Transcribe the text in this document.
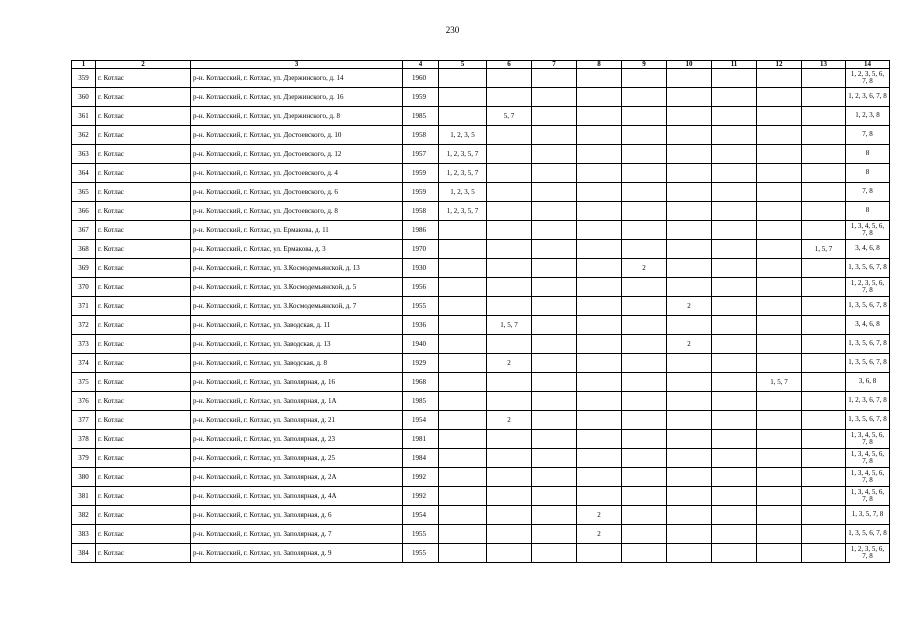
230
1	2	3	4	5	6	7	8	9	10	11	12	13	14
359	г. Котлас	р-н. Котласский, г. Котлас, ул. Дзержинского, д. 14	1960										1, 2, 3, 5, 6, 7, 8
360	г. Котлас	р-н. Котласский, г. Котлас, ул. Дзержинского, д. 16	1959										1, 2, 3, 6, 7, 8
361	г. Котлас	р-н. Котласский, г. Котлас, ул. Дзержинского, д. 8	1985		5, 7								1, 2, 3, 8
362	г. Котлас	р-н. Котласский, г. Котлас, ул. Достоевского, д. 10	1958	1, 2, 3, 5									7, 8
363	г. Котлас	р-н. Котласский, г. Котлас, ул. Достоевского, д. 12	1957	1, 2, 3, 5, 7									8
364	г. Котлас	р-н. Котласский, г. Котлас, ул. Достоевского, д. 4	1959	1, 2, 3, 5, 7									8
365	г. Котлас	р-н. Котласский, г. Котлас, ул. Достоевского, д. 6	1959	1, 2, 3, 5									7, 8
366	г. Котлас	р-н. Котласский, г. Котлас, ул. Достоевского, д. 8	1958	1, 2, 3, 5, 7									8
367	г. Котлас	р-н. Котласский, г. Котлас, ул. Ермакова, д. 11	1986										1, 3, 4, 5, 6, 7, 8
368	г. Котлас	р-н. Котласский, г. Котлас, ул. Ермакова, д. 3	1970									1, 5, 7	3, 4, 6, 8
369	г. Котлас	р-н. Котласский, г. Котлас, ул. З.Космодемьянской, д. 13	1930					2					1, 3, 5, 6, 7, 8
370	г. Котлас	р-н. Котласский, г. Котлас, ул. З.Космодемьянской, д. 5	1956										1, 2, 3, 5, 6, 7, 8
371	г. Котлас	р-н. Котласский, г. Котлас, ул. З.Космодемьянской, д. 7	1955						2				1, 3, 5, 6, 7, 8
372	г. Котлас	р-н. Котласский, г. Котлас, ул. Заводская, д. 11	1936		1, 5, 7								3, 4, 6, 8
373	г. Котлас	р-н. Котласский, г. Котлас, ул. Заводская, д. 13	1940						2				1, 3, 5, 6, 7, 8
374	г. Котлас	р-н. Котласский, г. Котлас, ул. Заводская, д. 8	1929		2								1, 3, 5, 6, 7, 8
375	г. Котлас	р-н. Котласский, г. Котлас, ул. Заполярная, д. 16	1968								1, 5, 7		3, 6, 8
376	г. Котлас	р-н. Котласский, г. Котлас, ул. Заполярная, д. 1А	1985										1, 2, 3, 6, 7, 8
377	г. Котлас	р-н. Котласский, г. Котлас, ул. Заполярная, д. 21	1954		2								1, 3, 5, 6, 7, 8
378	г. Котлас	р-н. Котласский, г. Котлас, ул. Заполярная, д. 23	1981										1, 3, 4, 5, 6, 7, 8
379	г. Котлас	р-н. Котласский, г. Котлас, ул. Заполярная, д. 25	1984										1, 3, 4, 5, 6, 7, 8
380	г. Котлас	р-н. Котласский, г. Котлас, ул. Заполярная, д. 2А	1992										1, 3, 4, 5, 6, 7, 8
381	г. Котлас	р-н. Котласский, г. Котлас, ул. Заполярная, д. 4А	1992										1, 3, 4, 5, 6, 7, 8
382	г. Котлас	р-н. Котласский, г. Котлас, ул. Заполярная, д. 6	1954				2						1, 3, 5, 7, 8
383	г. Котлас	р-н. Котласский, г. Котлас, ул. Заполярная, д. 7	1955				2						1, 3, 5, 6, 7, 8
384	г. Котлас	р-н. Котласский, г. Котлас, ул. Заполярная, д. 9	1955										1, 2, 3, 5, 6, 7, 8
